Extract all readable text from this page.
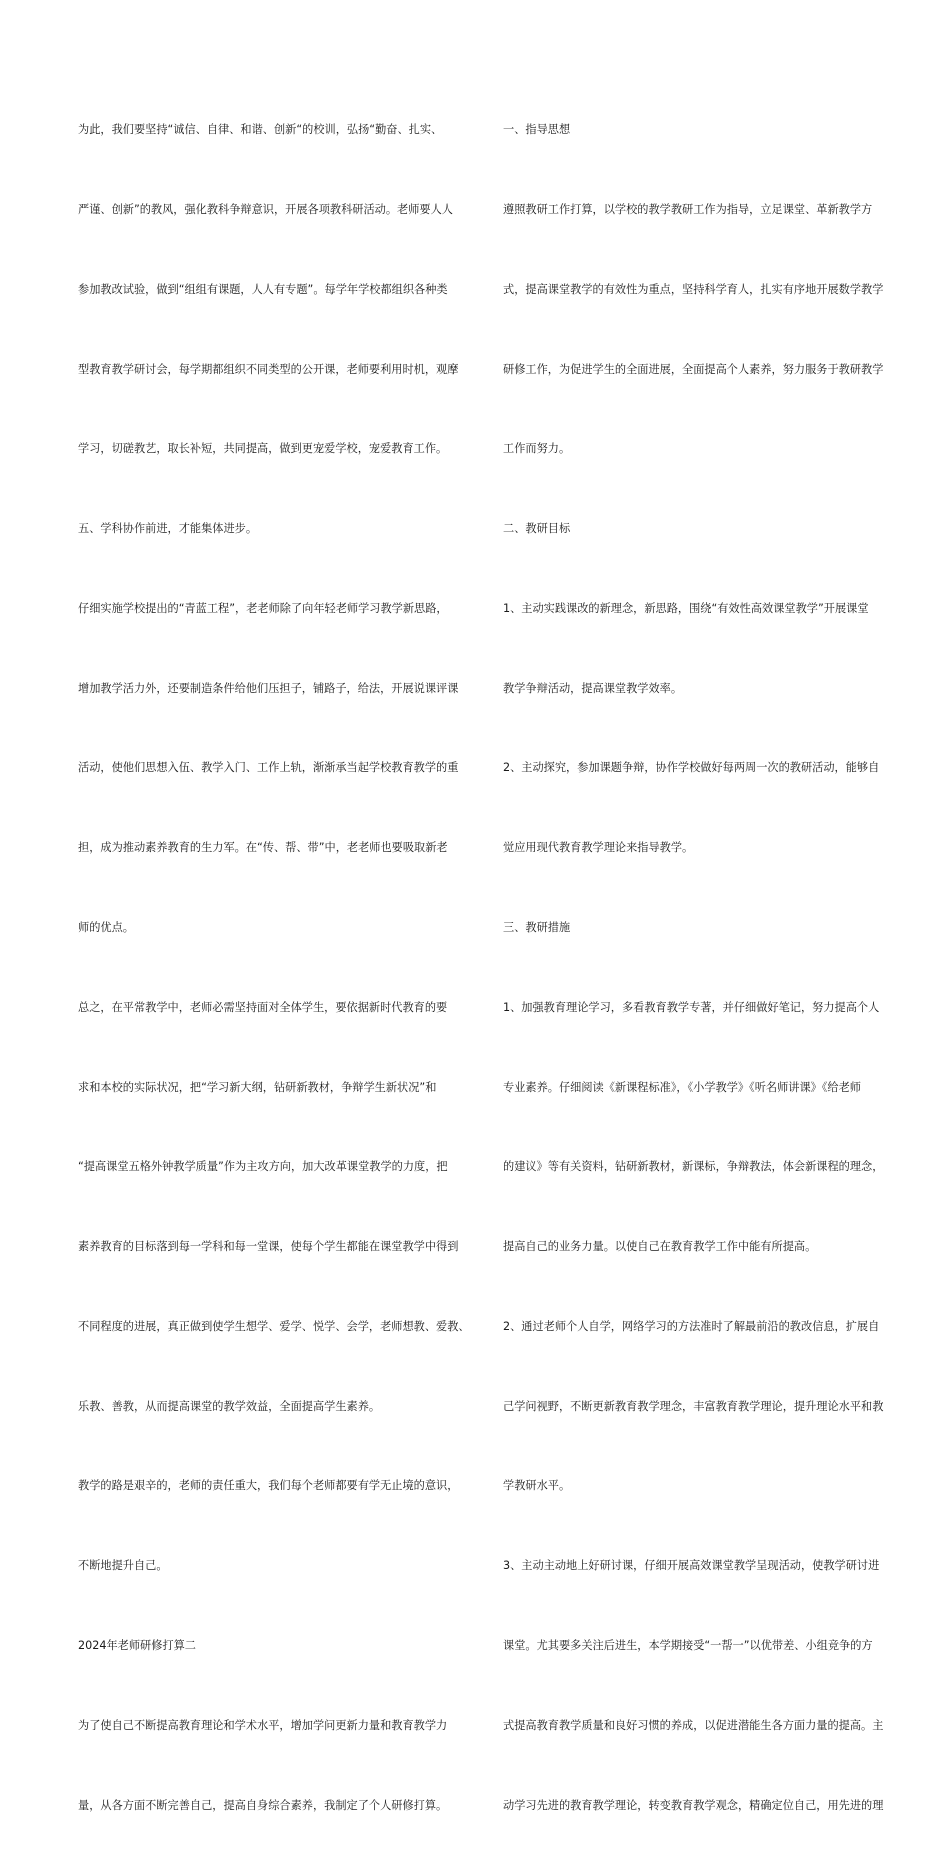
为此，我们要坚持“诚信、自律、和谐、创新“的校训，弘扬“勤奋、扎实、

严谨、创新”的教风，强化教科争辩意识，开展各项教科研活动。老师要人人

参加教改试验，做到“组组有课题，人人有专题”。每学年学校都组织各种类

型教育教学研讨会，每学期都组织不同类型的公开课，老师要利用时机，观摩

学习，切磋教艺，取长补短，共同提高，做到更宠爱学校，宠爱教育工作。

五、学科协作前进，才能集体进步。

仔细实施学校提出的“青蓝工程”，老老师除了向年轻老师学习教学新思路，

增加教学活力外，还要制造条件给他们压担子，铺路子，给法，开展说课评课

活动，使他们思想入伍、教学入门、工作上轨，渐渐承当起学校教育教学的重

担，成为推动素养教育的生力军。在“传、帮、带”中，老老师也要吸取新老

师的优点。

总之，在平常教学中，老师必需坚持面对全体学生，要依据新时代教育的要

求和本校的实际状况，把“学习新大纲，钻研新教材，争辩学生新状况”和

“提高课堂五格外钟教学质量”作为主攻方向，加大改革课堂教学的力度，把

素养教育的目标落到每一学科和每一堂课，使每个学生都能在课堂教学中得到

不同程度的进展，真正做到使学生想学、爱学、悦学、会学，老师想教、爱教、

乐教、善教，从而提高课堂的教学效益，全面提高学生素养。

教学的路是艰辛的，老师的责任重大，我们每个老师都要有学无止境的意识，

不断地提升自己。

2024年老师研修打算二

为了使自己不断提高教育理论和学术水平，增加学问更新力量和教育教学力

量，从各方面不断完善自己，提高自身综合素养，我制定了个人研修打算。

一、指导思想

遵照教研工作打算，以学校的教学教研工作为指导，立足课堂、革新教学方

式，提高课堂教学的有效性为重点，坚持科学育人，扎实有序地开展数学教学

研修工作，为促进学生的全面进展，全面提高个人素养，努力服务于教研教学

工作而努力。

二、教研目标

1、主动实践课改的新理念，新思路，围绕“有效性高效课堂教学”开展课堂

教学争辩活动，提高课堂教学效率。

2、主动探究，参加课题争辩，协作学校做好每两周一次的教研活动，能够自

觉应用现代教育教学理论来指导教学。

三、教研措施

1、加强教育理论学习，多看教育教学专著，并仔细做好笔记，努力提高个人

专业素养。仔细阅读《新课程标准》，《小学教学》《听名师讲课》《给老师

的建议》等有关资料，钻研新教材，新课标，争辩教法，体会新课程的理念，

提高自己的业务力量。以使自己在教育教学工作中能有所提高。

2、通过老师个人自学，网络学习的方法准时了解最前沿的教改信息，扩展自

己学问视野，不断更新教育教学理念，丰富教育教学理论，提升理论水平和教

学教研水平。

3、主动主动地上好研讨课，仔细开展高效课堂教学呈现活动，使教学研讨进

课堂。尤其要多关注后进生，本学期接受“一帮一”以优带差、小组竞争的方

式提高教育教学质量和良好习惯的养成，以促进潜能生各方面力量的提高。主

动学习先进的教育教学理论，转变教育教学观念，精确定位自己，用先进的理
